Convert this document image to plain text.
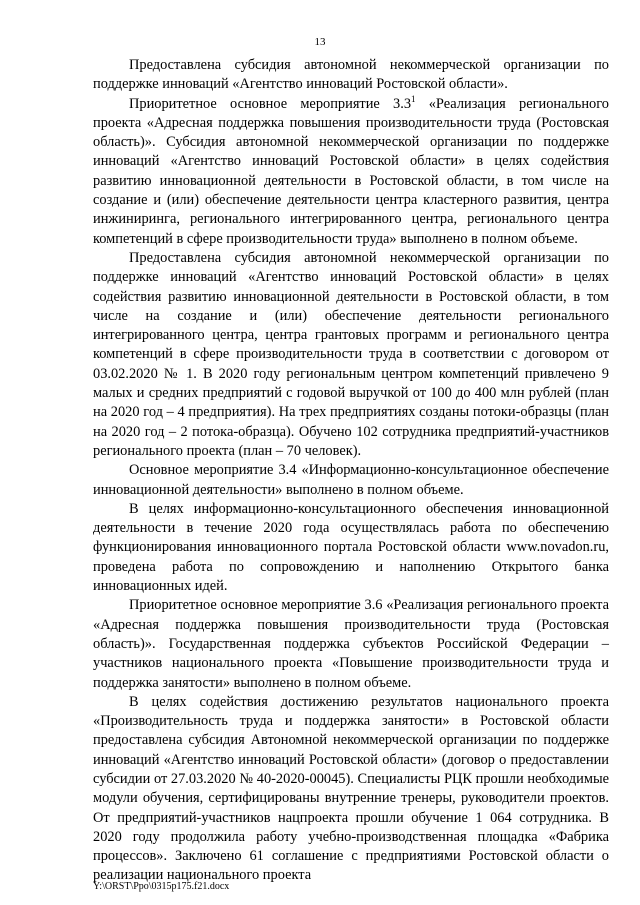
13

Предоставлена субсидия автономной некоммерческой организации по поддержке инноваций «Агентство инноваций Ростовской области».

Приоритетное основное мероприятие $3.3^1$ «Реализация регионального проекта «Адресная поддержка повышения производительности труда (Ростовская область)». Субсидия автономной некоммерческой организации по поддержке инноваций «Агентство инноваций Ростовской области» в целях содействия развитию инновационной деятельности в Ростовской области, в том числе на создание и (или) обеспечение деятельности центра кластерного развития, центра инжиниринга, регионального интегрированного центра, регионального центра компетенций в сфере производительности труда» выполнено в полном объеме.

Предоставлена субсидия автономной некоммерческой организации по поддержке инноваций «Агентство инноваций Ростовской области» в целях содействия развитию инновационной деятельности в Ростовской области, в том числе на создание и (или) обеспечение деятельности регионального интегрированного центра, центра грантовых программ и регионального центра компетенций в сфере производительности труда в соответствии с договором от 03.02.2020 № 1. В 2020 году региональным центром компетенций привлечено 9 малых и средних предприятий с годовой выручкой от 100 до 400 млн рублей (план на 2020 год – 4 предприятия). На трех предприятиях созданы потоки-образцы (план на 2020 год – 2 потока-образца). Обучено 102 сотрудника предприятий-участников регионального проекта (план – 70 человек).

Основное мероприятие 3.4 «Информационно-консультационное обеспечение инновационной деятельности» выполнено в полном объеме.

В целях информационно-консультационного обеспечения инновационной деятельности в течение 2020 года осуществлялась работа по обеспечению функционирования инновационного портала Ростовской области www.novadon.ru, проведена работа по сопровождению и наполнению Открытого банка инновационных идей.

Приоритетное основное мероприятие 3.6 «Реализация регионального проекта «Адресная поддержка повышения производительности труда (Ростовская область)». Государственная поддержка субъектов Российской Федерации – участников национального проекта «Повышение производительности труда и поддержка занятости» выполнено в полном объеме.

В целях содействия достижению результатов национального проекта «Производительность труда и поддержка занятости» в Ростовской области предоставлена субсидия Автономной некоммерческой организации по поддержке инноваций «Агентство инноваций Ростовской области» (договор о предоставлении субсидии от 27.03.2020 № 40-2020-00045). Специалисты РЦК прошли необходимые модули обучения, сертифицированы внутренние тренеры, руководители проектов. От предприятий-участников нацпроекта прошли обучение 1 064 сотрудника. В 2020 году продолжила работу учебно-производственная площадка «Фабрика процессов». Заключено 61 соглашение с предприятиями Ростовской области о реализации национального проекта

Y:\ORST\Ppo\0315p175.f21.docx
